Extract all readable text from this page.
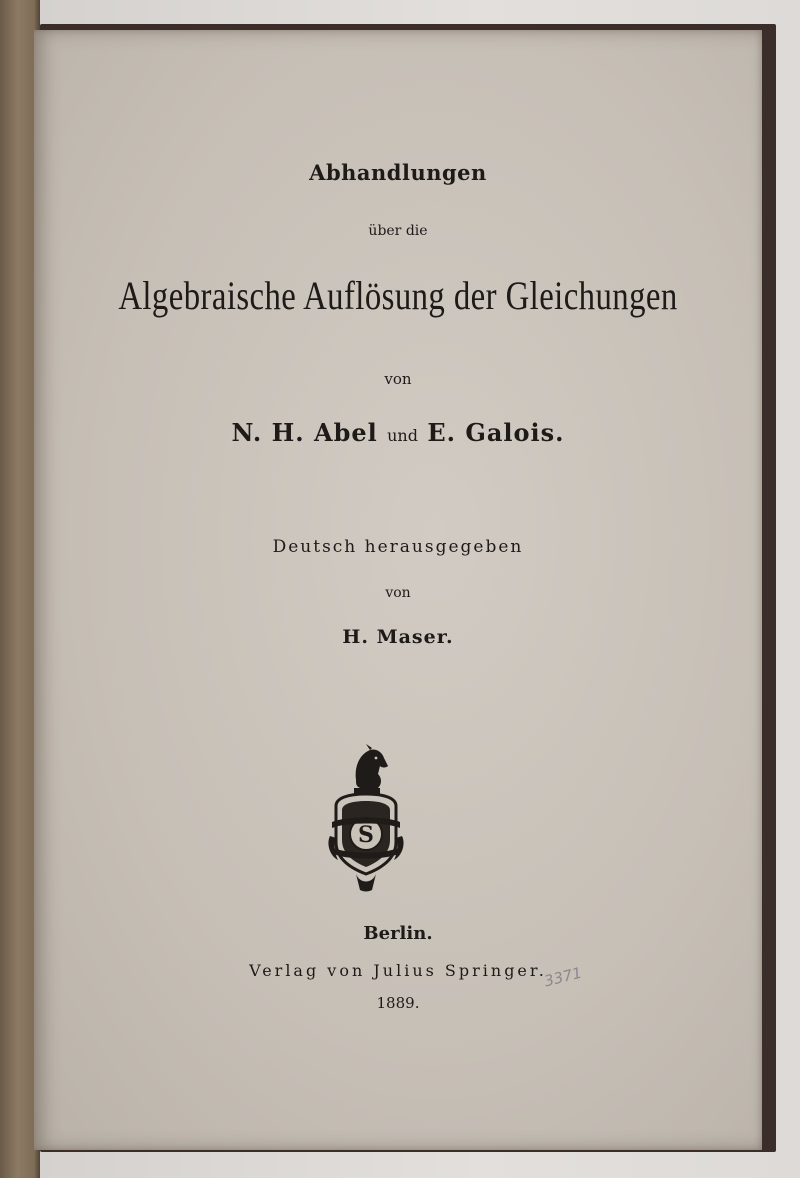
Abhandlungen
über die
Algebraische Auflösung der Gleichungen
von
N. H. Abel und E. Galois.
Deutsch herausgegeben
von
H. Maser.
S
Berlin.
Verlag von Julius Springer.
1889.
3371
